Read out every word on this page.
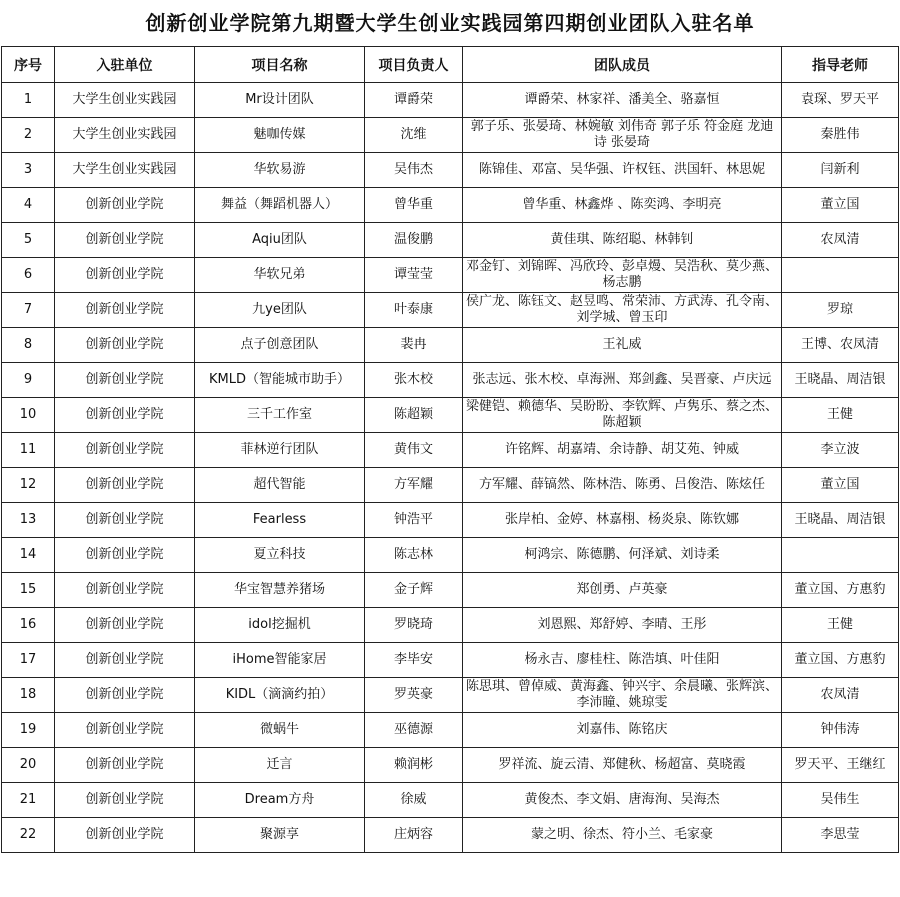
创新创业学院第九期暨大学生创业实践园第四期创业团队入驻名单
序号	入驻单位	项目名称	项目负责人	团队成员	指导老师
1	大学生创业实践园	Mr设计团队	谭爵荣	谭爵荣、林家祥、潘美全、骆嘉恒	袁琛、罗天平
2	大学生创业实践园	魅咖传媒	沈维	郭子乐、张晏琦、林婉敏 刘伟奇 郭子乐 符金庭 龙迪诗 张晏琦	秦胜伟
3	大学生创业实践园	华软易游	吴伟杰	陈锦佳、邓富、吴华强、许权钰、洪国轩、林思妮	闫新利
4	创新创业学院	舞益（舞蹈机器人）	曾华重	曾华重、林鑫烨 、陈奕鸿、李明亮	董立国
5	创新创业学院	Aqiu团队	温俊鹏	黄佳琪、陈绍聪、林韩钊	农凤清
6	创新创业学院	华软兄弟	谭莹莹	邓金钉、刘锦晖、冯欣玲、彭卓熳、吴浩秋、莫少燕、杨志鹏	
7	创新创业学院	九ye团队	叶泰康	侯广龙、陈钰文、赵昱鸣、常荣沛、方武涛、孔令南、刘学城、曾玉印	罗琼
8	创新创业学院	点子创意团队	裴冉	王礼威	王博、农凤清
9	创新创业学院	KMLD（智能城市助手）	张木校	张志远、张木校、卓海洲、郑剑鑫、吴晋豪、卢庆远	王晓晶、周洁银
10	创新创业学院	三千工作室	陈超颖	梁健铠、赖德华、吴盼盼、李钦辉、卢隽乐、蔡之杰、陈超颖	王健
11	创新创业学院	菲林逆行团队	黄伟文	许铭辉、胡嘉靖、余诗静、胡艾苑、钟威	李立波
12	创新创业学院	超代智能	方军耀	方军耀、薛镐然、陈林浩、陈勇、吕俊浩、陈炫任	董立国
13	创新创业学院	Fearless	钟浩平	张岸柏、金婷、林嘉栩、杨炎泉、陈钦娜	王晓晶、周洁银
14	创新创业学院	夏立科技	陈志林	柯鸿宗、陈德鹏、何泽斌、刘诗柔	
15	创新创业学院	华宝智慧养猪场	金子辉	郑创勇、卢英豪	董立国、方惠豹
16	创新创业学院	idol挖掘机	罗晓琦	刘恩熙、郑舒婷、李晴、王彤	王健
17	创新创业学院	iHome智能家居	李毕安	杨永吉、廖桂柱、陈浩填、叶佳阳	董立国、方惠豹
18	创新创业学院	KIDL（滴滴约拍）	罗英豪	陈思琪、曾倬威、黄海鑫、钟兴宇、余晨曦、张辉滨、李沛瞳、姚琼雯	农凤清
19	创新创业学院	微蜗牛	巫德源	刘嘉伟、陈铭庆	钟伟涛
20	创新创业学院	迁言	赖润彬	罗祥流、旋云清、郑健秋、杨超富、莫晓霞	罗天平、王继红
21	创新创业学院	Dream方舟	徐威	黄俊杰、李文娟、唐海洵、吴海杰	吴伟生
22	创新创业学院	聚源享	庄炳容	蒙之明、徐杰、符小兰、毛家豪	李思莹
